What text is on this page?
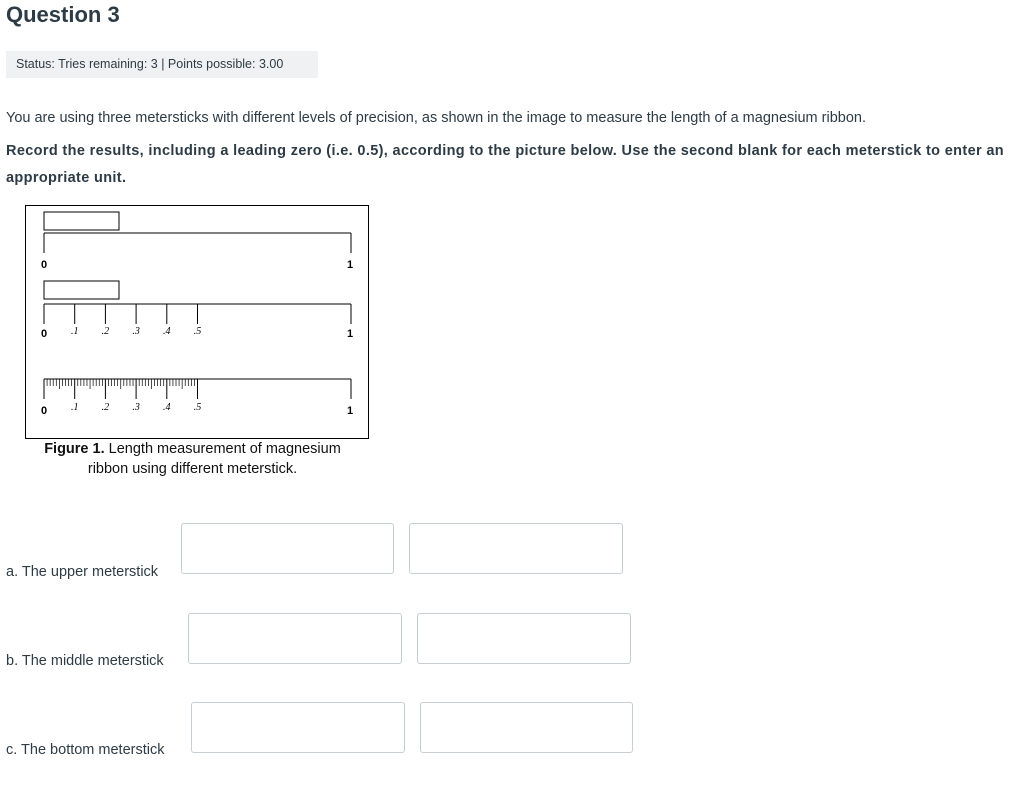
Question 3
Status: Tries remaining: 3 | Points possible: 3.00
You are using three metersticks with different levels of precision, as shown in the image to measure the length of a magnesium ribbon.
Record the results, including a leading zero (i.e. 0.5), according to the picture below. Use the second blank for each meterstick to enter an appropriate unit.
0	1
.1 .2 .3 .4 .5
0	1
.1 .2 .3 .4 .5
0	1
Figure 1. Length measurement of magnesium ribbon using different meterstick.
a. The upper meterstick
b. The middle meterstick
c. The bottom meterstick
